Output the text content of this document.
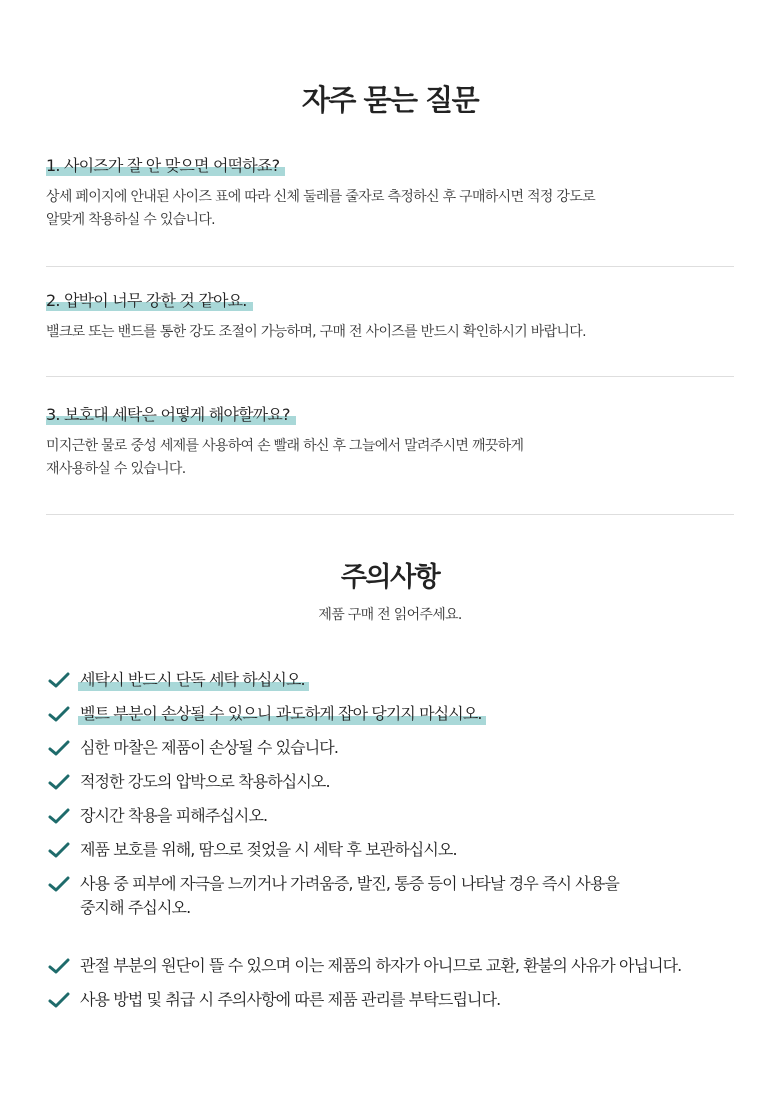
자주 묻는 질문
1. 사이즈가 잘 안 맞으면 어떡하죠?
상세 페이지에 안내된 사이즈 표에 따라 신체 둘레를 줄자로 측정하신 후 구매하시면 적정 강도로
알맞게 착용하실 수 있습니다.
2. 압박이 너무 강한 것 같아요.
밸크로 또는 밴드를 통한 강도 조절이 가능하며, 구매 전 사이즈를 반드시 확인하시기 바랍니다.
3. 보호대 세탁은 어떻게 해야할까요?
미지근한 물로 중성 세제를 사용하여 손 빨래 하신 후 그늘에서 말려주시면 깨끗하게
재사용하실 수 있습니다.
주의사항
제품 구매 전 읽어주세요.
세탁시 반드시 단독 세탁 하십시오.
벨트 부분이 손상될 수 있으니 과도하게 잡아 당기지 마십시오.
심한 마찰은 제품이 손상될 수 있습니다.
적정한 강도의 압박으로 착용하십시오.
장시간 착용을 피해주십시오.
제품 보호를 위해, 땀으로 젖었을 시 세탁 후 보관하십시오.
사용 중 피부에 자극을 느끼거나 가려움증, 발진, 통증 등이 나타날 경우 즉시 사용을
중지해 주십시오.
관절 부분의 원단이 뜰 수 있으며 이는 제품의 하자가 아니므로 교환, 환불의 사유가 아닙니다.
사용 방법 및 취급 시 주의사항에 따른 제품 관리를 부탁드립니다.
